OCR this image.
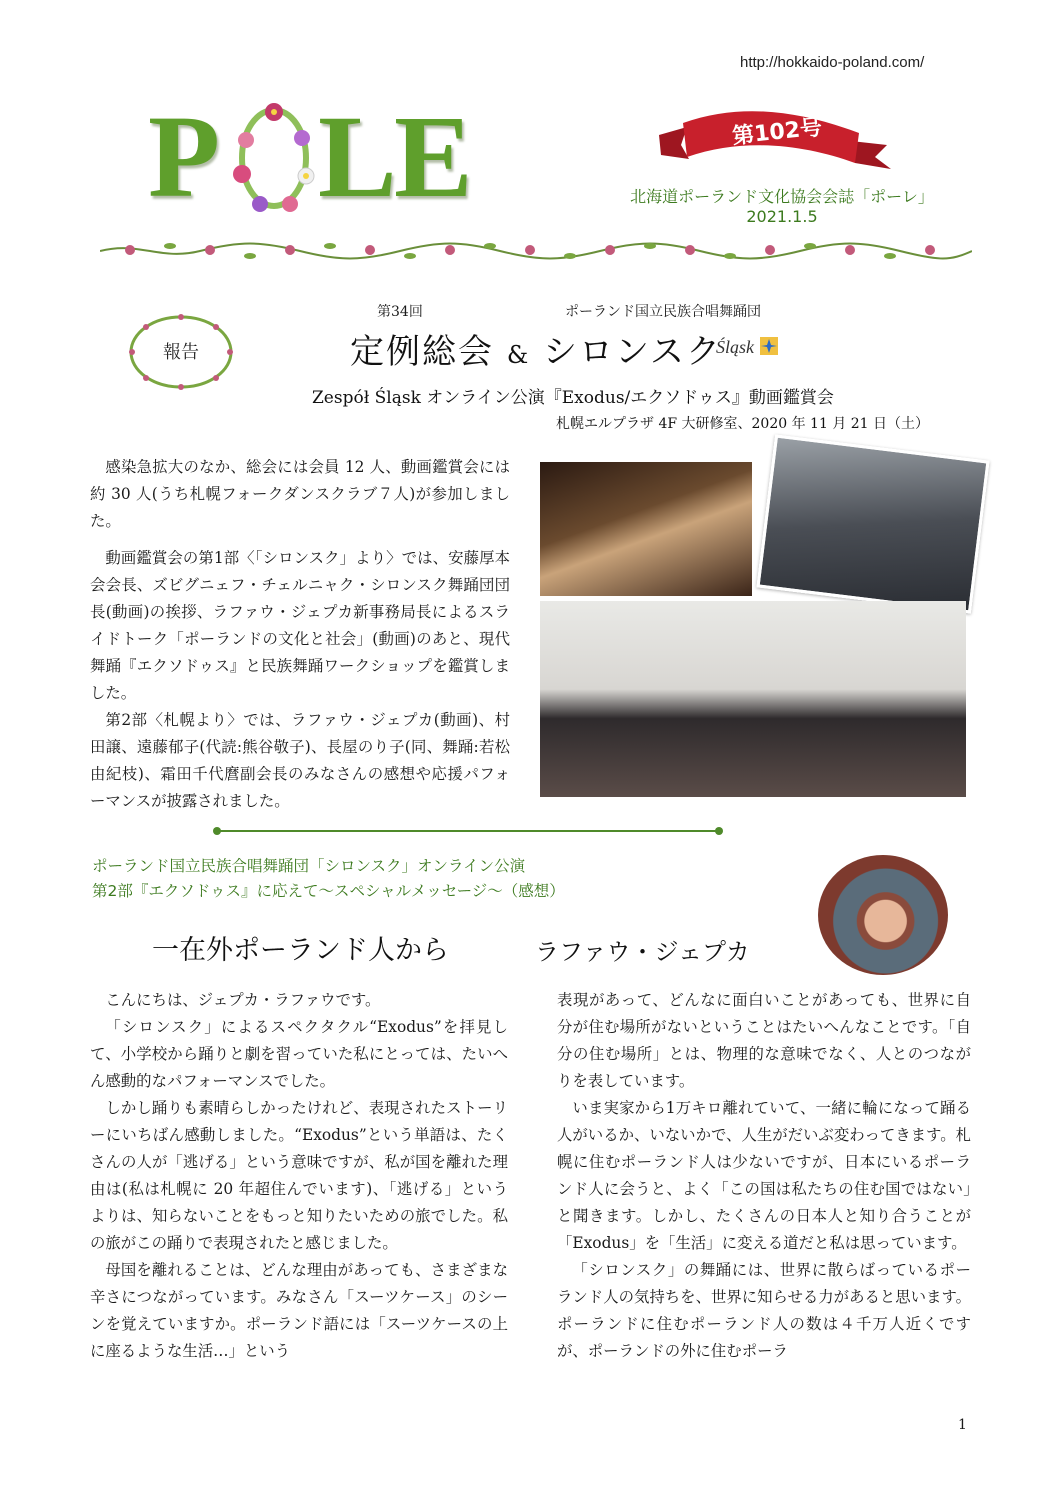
http://hokkaido-poland.com/
P L
E	第102号
北海道ポーランド文化協会会誌「ポーレ」
2021.1.5
報告
第34回	ポーランド国立民族合唱舞踊団
定例総会 & シロンスク
Śląsk
Zespół Śląsk オンライン公演『Exodus/エクソドゥス』動画鑑賞会
札幌エルプラザ 4F 大研修室、2020 年 11 月 21 日（土）

感染急拡大のなか、総会には会員 12 人、動画鑑賞会には約 30 人(うち札幌フォークダンスクラブ７人)が参加しました。

動画鑑賞会の第1部〈「シロンスク」より〉では、安藤厚本会会長、ズビグニェフ・チェルニャク・シロンスク舞踊団団長(動画)の挨拶、ラファウ・ジェプカ新事務局長によるスライドトーク「ポーランドの文化と社会」(動画)のあと、現代舞踊『エクソドゥス』と民族舞踊ワークショップを鑑賞しました。

第2部〈札幌より〉では、ラファウ・ジェプカ(動画)、村田譲、遠藤郁子(代読:熊谷敬子)、長屋のり子(同、舞踊:若松由紀枝)、霜田千代麿副会長のみなさんの感想や応援パフォーマンスが披露されました。

ポーランド国立民族合唱舞踊団「シロンスク」オンライン公演
第2部『エクソドゥス』に応えて～スペシャルメッセージ～（感想）
一在外ポーランド人から	ラファウ・ジェプカ

こんにちは、ジェプカ・ラファウです。

「シロンスク」によるスペクタクル“Exodus”を拝見して、小学校から踊りと劇を習っていた私にとっては、たいへん感動的なパフォーマンスでした。

しかし踊りも素晴らしかったけれど、表現されたストーリーにいちばん感動しました。“Exodus”という単語は、たくさんの人が「逃げる」という意味ですが、私が国を離れた理由は(私は札幌に 20 年超住んでいます)、「逃げる」というよりは、知らないことをもっと知りたいための旅でした。私の旅がこの踊りで表現されたと感じました。

母国を離れることは、どんな理由があっても、さまざまな辛さにつながっています。みなさん「スーツケース」のシーンを覚えていますか。ポーランド語には「スーツケースの上に座るような生活…」という

表現があって、どんなに面白いことがあっても、世界に自分が住む場所がないということはたいへんなことです。「自分の住む場所」とは、物理的な意味でなく、人とのつながりを表しています。

いま実家から1万キロ離れていて、一緒に輪になって踊る人がいるか、いないかで、人生がだいぶ変わってきます。札幌に住むポーランド人は少ないですが、日本にいるポーランド人に会うと、よく「この国は私たちの住む国ではない」と聞きます。しかし、たくさんの日本人と知り合うことが「Exodus」を「生活」に変える道だと私は思っています。

「シロンスク」の舞踊には、世界に散らばっているポーランド人の気持ちを、世界に知らせる力があると思います。ポーランドに住むポーランド人の数は４千万人近くですが、ポーランドの外に住むポーラ

1
